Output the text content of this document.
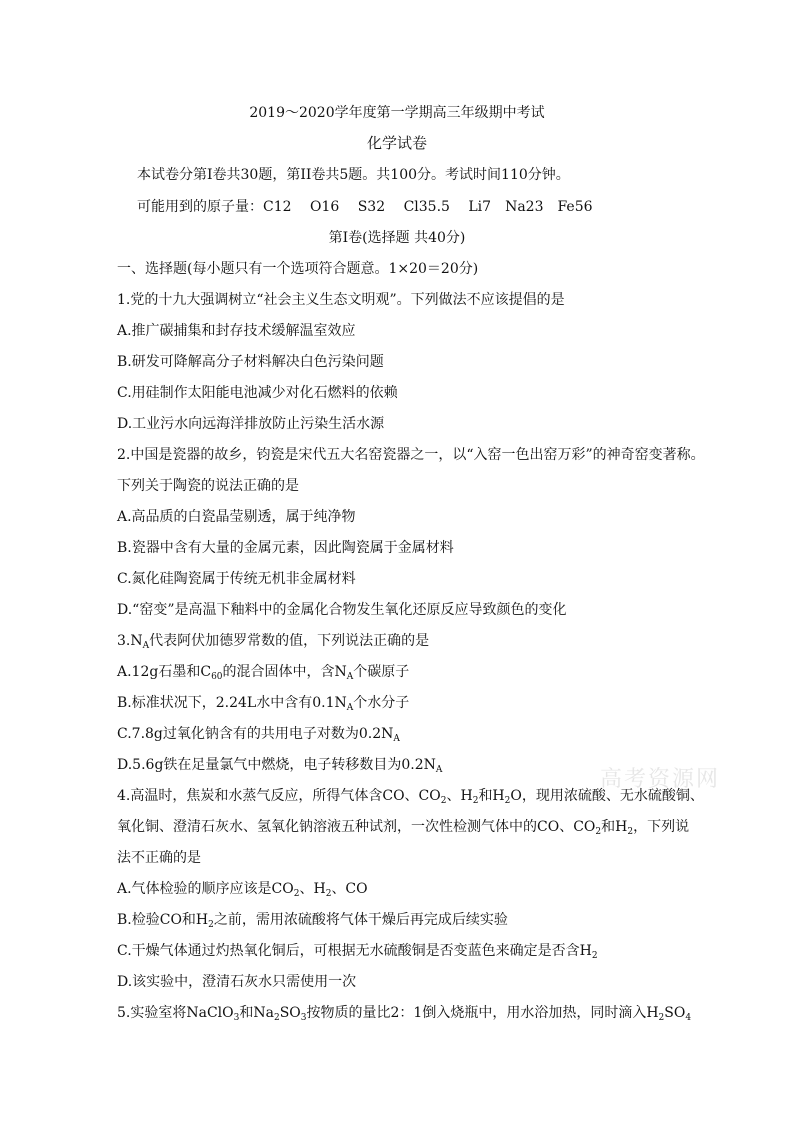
2019～2020学年度第一学期高三年级期中考试
化学试卷
本试卷分第I卷共30题，第II卷共5题。共100分。考试时间110分钟。
可能用到的原子量：C12　 O16　 S32　 Cl35.5　 Li7　Na23　Fe56
第I卷(选择题 共40分)
一、选择题(每小题只有一个选项符合题意。1×20＝20分)
1.党的十九大强调树立“社会主义生态文明观”。下列做法不应该提倡的是
A.推广碳捕集和封存技术缓解温室效应
B.研发可降解高分子材料解决白色污染问题
C.用硅制作太阳能电池减少对化石燃料的依赖
D.工业污水向远海洋排放防止污染生活水源
2.中国是瓷器的故乡，钧瓷是宋代五大名窑瓷器之一，以“入窑一色出窑万彩”的神奇窑变著称。
下列关于陶瓷的说法正确的是
A.高品质的白瓷晶莹剔透，属于纯净物
B.瓷器中含有大量的金属元素，因此陶瓷属于金属材料
C.氮化硅陶瓷属于传统无机非金属材料
D.“窑变”是高温下釉料中的金属化合物发生氧化还原反应导致颜色的变化
$3.N_A$代表阿伏加德罗常数的值，下列说法正确的是
A.12g石墨和$C_{60}$的混合固体中，含$N_A$个碳原子
B.标准状况下，2.24L水中含有$0.1N_A$个水分子
C.7.8g过氧化钠含有的共用电子对数为$0.2N_A$
D.5.6g铁在足量氯气中燃烧，电子转移数目为$0.2N_A$	高考资源网
4.高温时，焦炭和水蒸气反应，所得气体含CO、$CO_2$、$H_2$和$H_2O$，现用浓硫酸、无水硫酸铜、
氧化铜、澄清石灰水、氢氧化钠溶液五种试剂，一次性检测气体中的CO、$CO_2$和$H_2$，下列说
法不正确的是
A.气体检验的顺序应该是$CO_2$、$H_2$、CO
B.检验CO和$H_2$之前，需用浓硫酸将气体干燥后再完成后续实验
C.干燥气体通过灼热氧化铜后，可根据无水硫酸铜是否变蓝色来确定是否含$H_2$
D.该实验中，澄清石灰水只需使用一次
5.实验室将NaClO$_3$和$Na_2SO_3$按物质的量比2：1倒入烧瓶中，用水浴加热，同时滴入$H_2SO_4$
